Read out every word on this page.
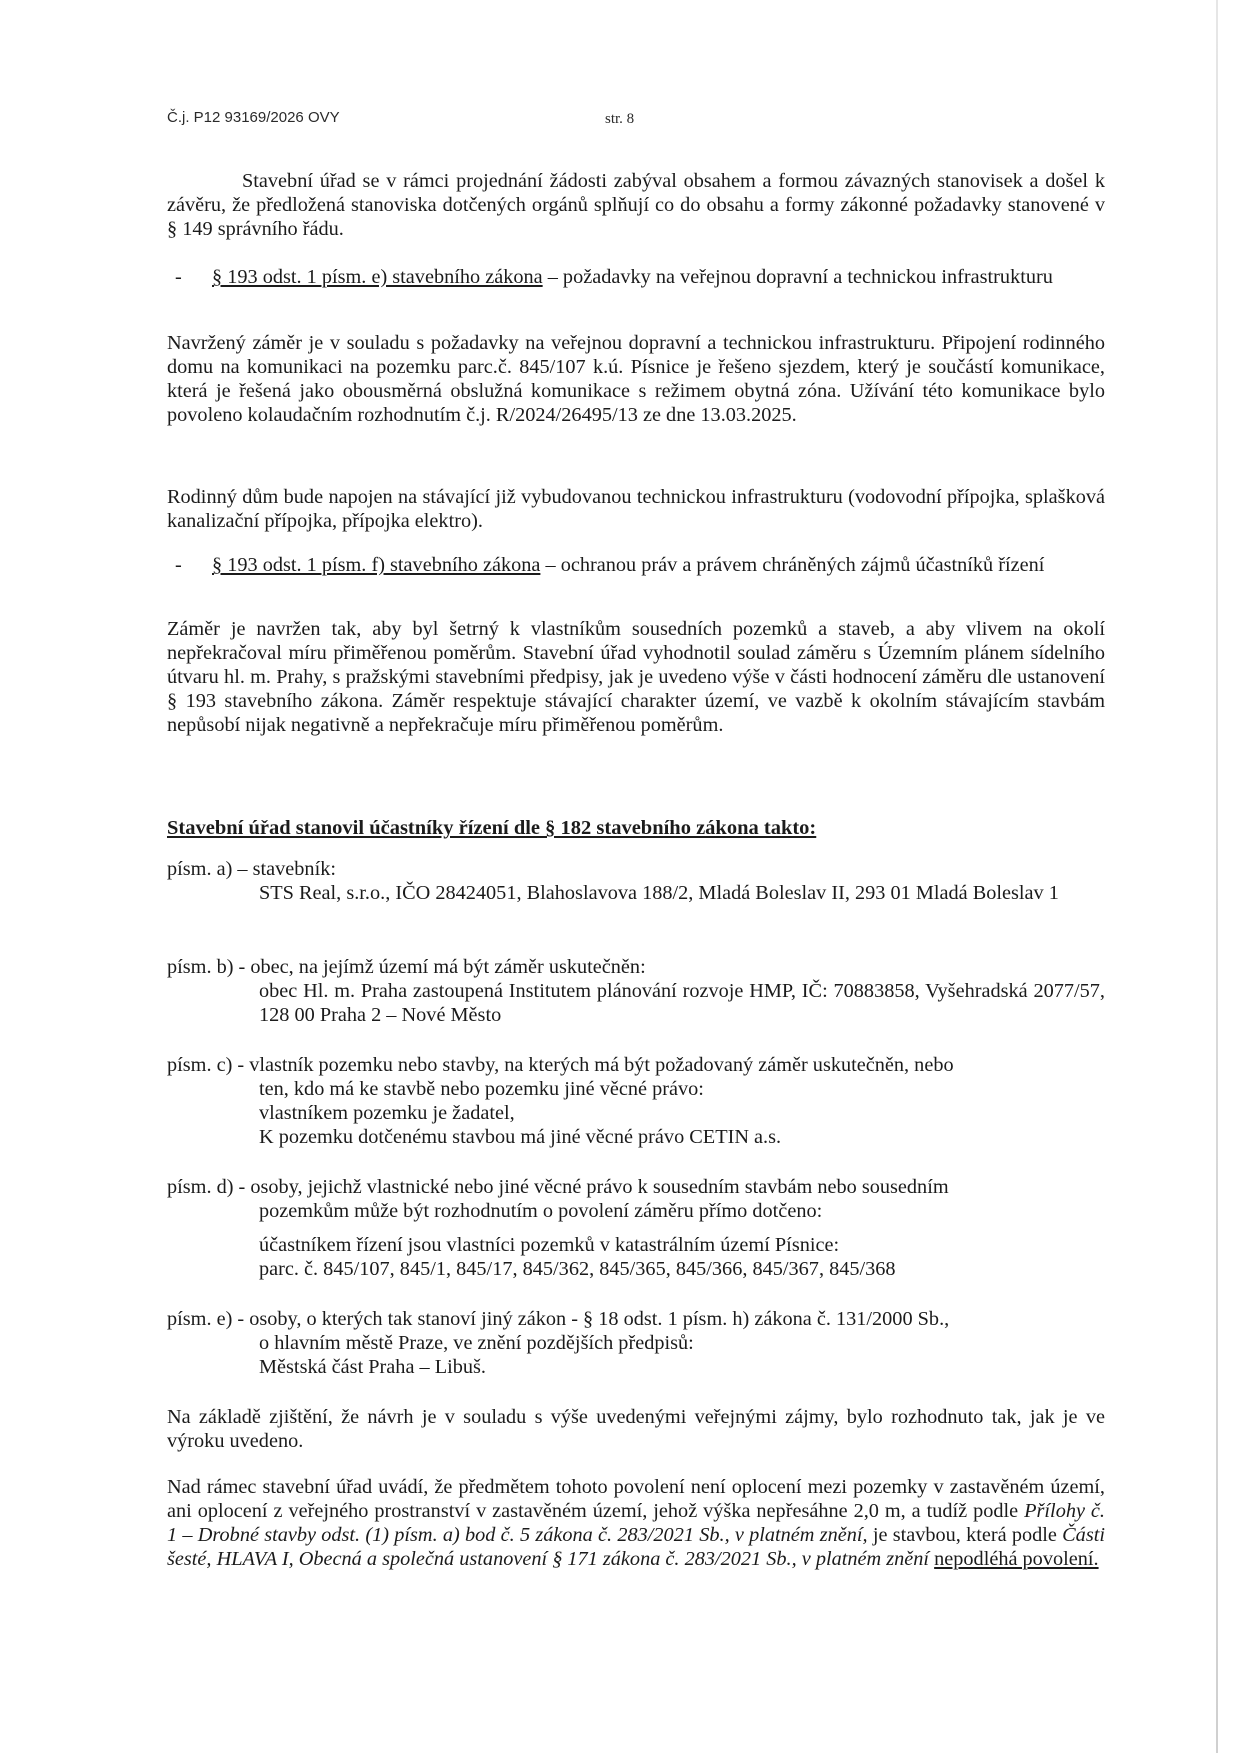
Č.j. P12 93169/2026 OVY	str. 8
Stavební úřad se v rámci projednání žádosti zabýval obsahem a formou závazných stanovisek a došel k závěru, že předložená stanoviska dotčených orgánů splňují co do obsahu a formy zákonné požadavky stanovené v § 149 správního řádu.
- § 193 odst. 1 písm. e) stavebního zákona – požadavky na veřejnou dopravní a technickou infrastrukturu
Navržený záměr je v souladu s požadavky na veřejnou dopravní a technickou infrastrukturu. Připojení rodinného domu na komunikaci na pozemku parc.č. 845/107 k.ú. Písnice je řešeno sjezdem, který je součástí komunikace, která je řešená jako obousměrná obslužná komunikace s režimem obytná zóna. Užívání této komunikace bylo povoleno kolaudačním rozhodnutím č.j. R/2024/26495/13 ze dne 13.03.2025.
Rodinný dům bude napojen na stávající již vybudovanou technickou infrastrukturu (vodovodní přípojka, splašková kanalizační přípojka, přípojka elektro).
- § 193 odst. 1 písm. f) stavebního zákona – ochranou práv a právem chráněných zájmů účastníků řízení
Záměr je navržen tak, aby byl šetrný k vlastníkům sousedních pozemků a staveb, a aby vlivem na okolí nepřekračoval míru přiměřenou poměrům. Stavební úřad vyhodnotil soulad záměru s Územním plánem sídelního útvaru hl. m. Prahy, s pražskými stavebními předpisy, jak je uvedeno výše v části hodnocení záměru dle ustanovení § 193 stavebního zákona. Záměr respektuje stávající charakter území, ve vazbě k okolním stávajícím stavbám nepůsobí nijak negativně a nepřekračuje míru přiměřenou poměrům.
Stavební úřad stanovil účastníky řízení dle § 182 stavebního zákona takto:
písm. a) – stavebník:
STS Real, s.r.o., IČO 28424051, Blahoslavova 188/2, Mladá Boleslav II, 293 01 Mladá Boleslav 1
písm. b) - obec, na jejímž území má být záměr uskutečněn:
obec Hl. m. Praha zastoupená Institutem plánování rozvoje HMP, IČ: 70883858, Vyšehradská 2077/57, 128 00 Praha 2 – Nové Město
písm. c) - vlastník pozemku nebo stavby, na kterých má být požadovaný záměr uskutečněn, nebo
ten, kdo má ke stavbě nebo pozemku jiné věcné právo:
vlastníkem pozemku je žadatel,
K pozemku dotčenému stavbou má jiné věcné právo CETIN a.s.
písm. d) - osoby, jejichž vlastnické nebo jiné věcné právo k sousedním stavbám nebo sousedním
pozemkům může být rozhodnutím o povolení záměru přímo dotčeno:
účastníkem řízení jsou vlastníci pozemků v katastrálním území Písnice:
parc. č. 845/107, 845/1, 845/17, 845/362, 845/365, 845/366, 845/367, 845/368
písm. e) - osoby, o kterých tak stanoví jiný zákon - § 18 odst. 1 písm. h) zákona č. 131/2000 Sb.,
o hlavním městě Praze, ve znění pozdějších předpisů:
Městská část Praha – Libuš.
Na základě zjištění, že návrh je v souladu s výše uvedenými veřejnými zájmy, bylo rozhodnuto tak, jak je ve výroku uvedeno.
Nad rámec stavební úřad uvádí, že předmětem tohoto povolení není oplocení mezi pozemky v zastavěném území, ani oplocení z veřejného prostranství v zastavěném území, jehož výška nepřesáhne 2,0 m, a tudíž podle Přílohy č. 1 – Drobné stavby odst. (1) písm. a) bod č. 5 zákona č. 283/2021 Sb., v platném znění, je stavbou, která podle Části šesté, HLAVA I, Obecná a společná ustanovení § 171 zákona č. 283/2021 Sb., v platném znění nepodléhá povolení.
